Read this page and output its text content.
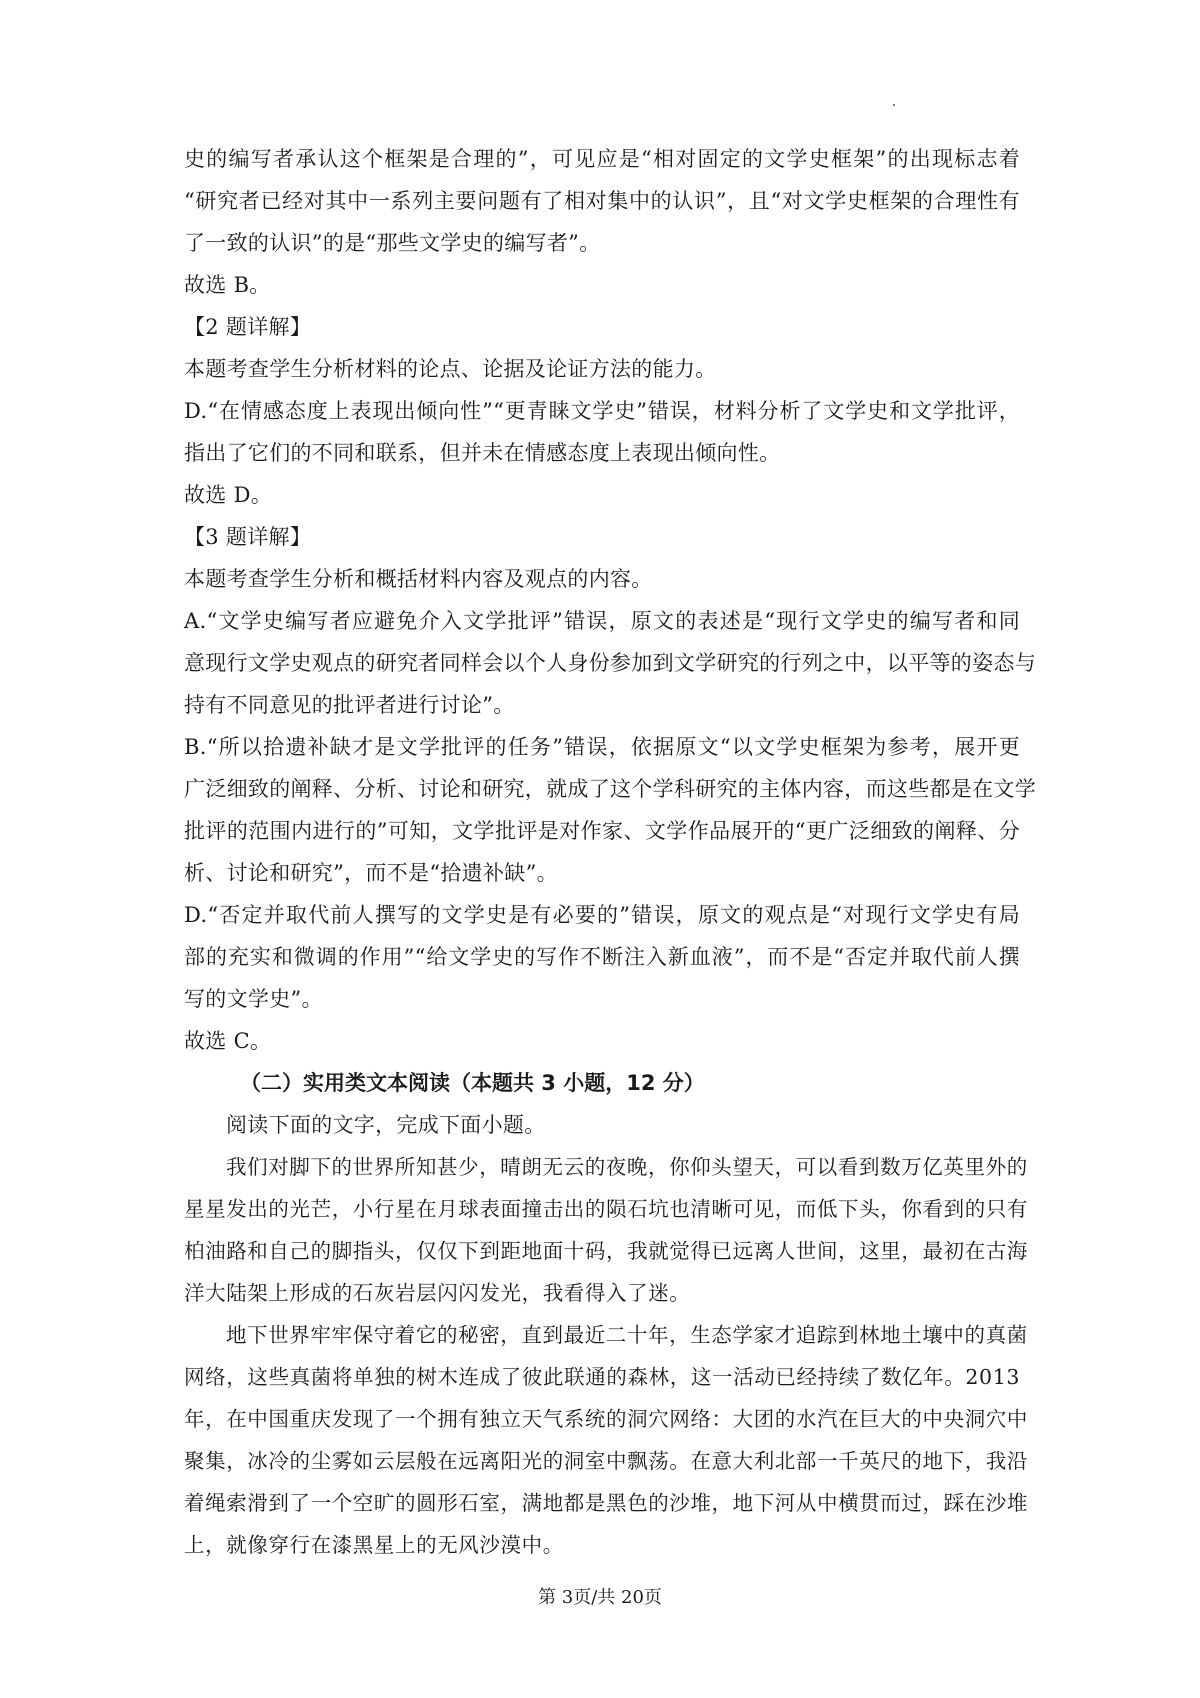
史的编写者承认这个框架是合理的”，可见应是“相对固定的文学史框架”的出现标志着
“研究者已经对其中一系列主要问题有了相对集中的认识”，且“对文学史框架的合理性有
了一致的认识”的是“那些文学史的编写者”。
故选 B。
【2 题详解】
本题考查学生分析材料的论点、论据及论证方法的能力。
D.“在情感态度上表现出倾向性”“更青睐文学史”错误，材料分析了文学史和文学批评，
指出了它们的不同和联系，但并未在情感态度上表现出倾向性。
故选 D。
【3 题详解】
本题考查学生分析和概括材料内容及观点的内容。
A.“文学史编写者应避免介入文学批评”错误，原文的表述是“现行文学史的编写者和同
意现行文学史观点的研究者同样会以个人身份参加到文学研究的行列之中，以平等的姿态与
持有不同意见的批评者进行讨论”。
B.“所以拾遗补缺才是文学批评的任务”错误，依据原文“以文学史框架为参考，展开更
广泛细致的阐释、分析、讨论和研究，就成了这个学科研究的主体内容，而这些都是在文学
批评的范围内进行的”可知，文学批评是对作家、文学作品展开的“更广泛细致的阐释、分
析、讨论和研究”，而不是“拾遗补缺”。
D.“否定并取代前人撰写的文学史是有必要的”错误，原文的观点是“对现行文学史有局
部的充实和微调的作用”“给文学史的写作不断注入新血液”，而不是“否定并取代前人撰
写的文学史”。
故选 C。
（二）实用类文本阅读（本题共 3 小题，12 分）
阅读下面的文字，完成下面小题。
我们对脚下的世界所知甚少，晴朗无云的夜晚，你仰头望天，可以看到数万亿英里外的
星星发出的光芒，小行星在月球表面撞击出的陨石坑也清晰可见，而低下头，你看到的只有
柏油路和自己的脚指头，仅仅下到距地面十码，我就觉得已远离人世间，这里，最初在古海
洋大陆架上形成的石灰岩层闪闪发光，我看得入了迷。
地下世界牢牢保守着它的秘密，直到最近二十年，生态学家才追踪到林地土壤中的真菌
网络，这些真菌将单独的树木连成了彼此联通的森林，这一活动已经持续了数亿年。2013
年，在中国重庆发现了一个拥有独立天气系统的洞穴网络：大团的水汽在巨大的中央洞穴中
聚集，冰冷的尘雾如云层般在远离阳光的洞室中飘荡。在意大利北部一千英尺的地下，我沿
着绳索滑到了一个空旷的圆形石室，满地都是黑色的沙堆，地下河从中横贯而过，踩在沙堆
上，就像穿行在漆黑星上的无风沙漠中。
第 3页/共 20页
